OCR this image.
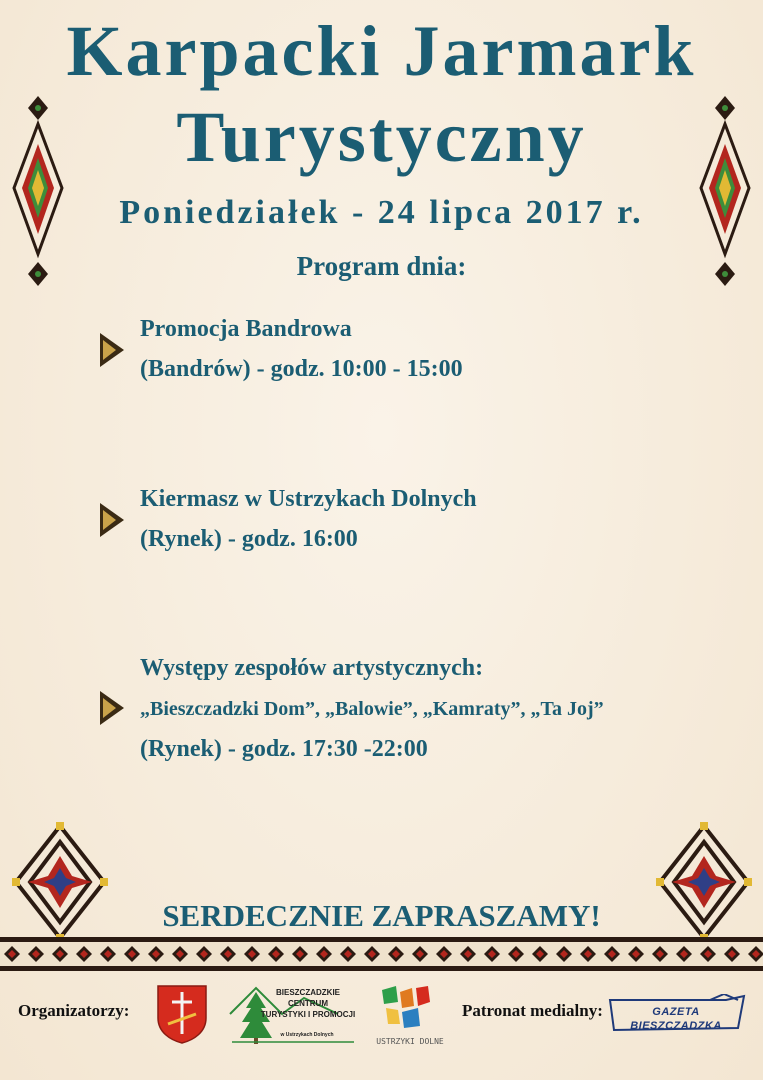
Karpacki Jarmark
Turystyczny
Poniedziałek - 24 lipca 2017 r.
Program dnia:
Promocja Bandrowa
(Bandrów) - godz. 10:00 - 15:00
Kiermasz w Ustrzykach Dolnych
(Rynek) - godz. 16:00
Występy zespołów artystycznych:
„Bieszczadzki Dom”, „Balowie”, „Kamraty”, „Ta Joj”
(Rynek) - godz. 17:30 -22:00
SERDECZNIE ZAPRASZAMY!
Organizatorzy:
BIESZCZADZKIE
CENTRUM
TURYSTYKI I PROMOCJI
w Ustrzykach Dolnych
USTRZYKI DOLNE
Patronat medialny:	GAZETA BIESZCZADZKA
